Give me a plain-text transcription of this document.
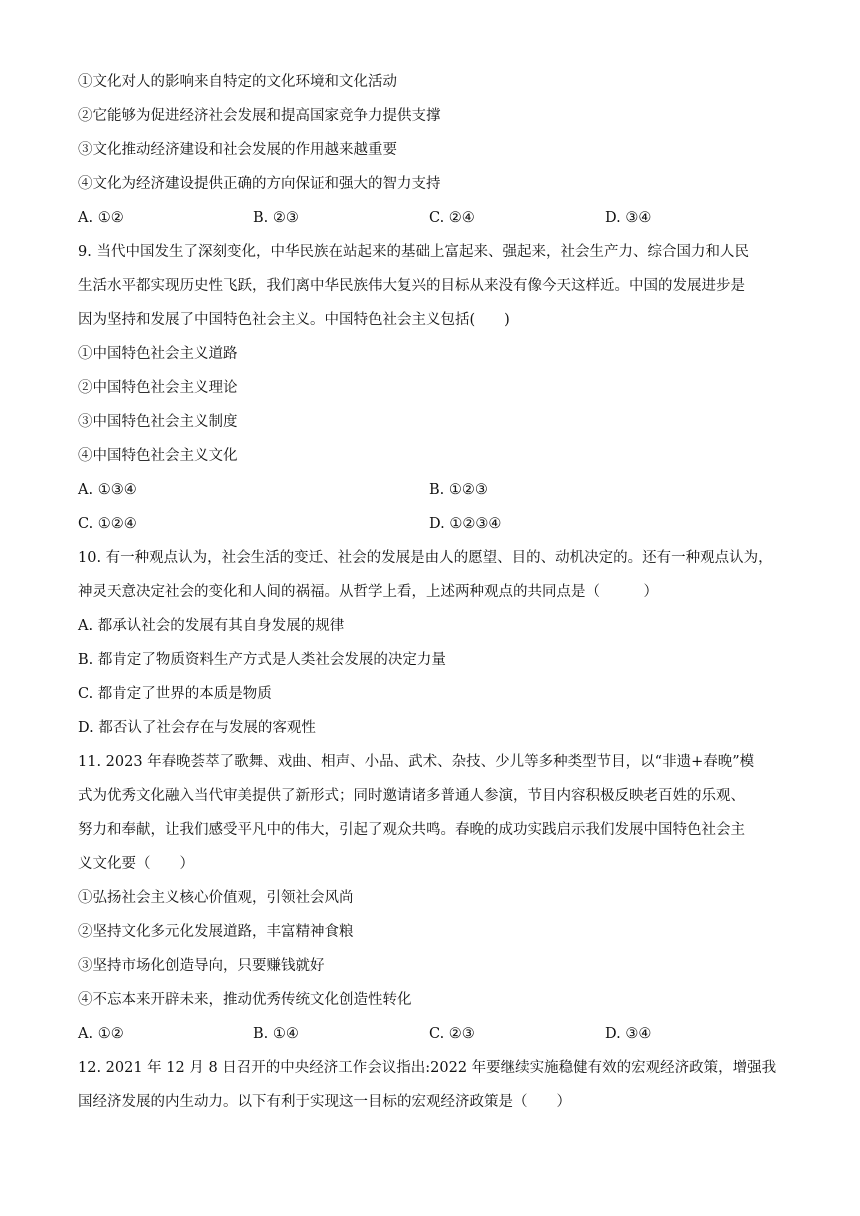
①文化对人的影响来自特定的文化环境和文化活动
②它能够为促进经济社会发展和提高国家竞争力提供支撑
③文化推动经济建设和社会发展的作用越来越重要
④文化为经济建设提供正确的方向保证和强大的智力支持
A. ①②	B. ②③	C. ②④	D. ③④
9. 当代中国发生了深刻变化，中华民族在站起来的基础上富起来、强起来，社会生产力、综合国力和人民
生活水平都实现历史性飞跃，我们离中华民族伟大复兴的目标从来没有像今天这样近。中国的发展进步是
因为坚持和发展了中国特色社会主义。中国特色社会主义包括(　　)
①中国特色社会主义道路
②中国特色社会主义理论
③中国特色社会主义制度
④中国特色社会主义文化
A. ①③④	B. ①②③
C. ①②④	D. ①②③④
10. 有一种观点认为，社会生活的变迁、社会的发展是由人的愿望、目的、动机决定的。还有一种观点认为，
神灵天意决定社会的变化和人间的祸福。从哲学上看，上述两种观点的共同点是（　　　）
A. 都承认社会的发展有其自身发展的规律
B. 都肯定了物质资料生产方式是人类社会发展的决定力量
C. 都肯定了世界的本质是物质
D. 都否认了社会存在与发展的客观性
11. 2023 年春晚荟萃了歌舞、戏曲、相声、小品、武术、杂技、少儿等多种类型节目，以“非遗+春晚”模
式为优秀文化融入当代审美提供了新形式；同时邀请诸多普通人参演，节目内容积极反映老百姓的乐观、
努力和奉献，让我们感受平凡中的伟大，引起了观众共鸣。春晚的成功实践启示我们发展中国特色社会主
义文化要（　　）
①弘扬社会主义核心价值观，引领社会风尚
②坚持文化多元化发展道路，丰富精神食粮
③坚持市场化创造导向，只要赚钱就好
④不忘本来开辟未来，推动优秀传统文化创造性转化
A. ①②	B. ①④	C. ②③	D. ③④
12. 2021 年 12 月 8 日召开的中央经济工作会议指出:2022 年要继续实施稳健有效的宏观经济政策，增强我
国经济发展的内生动力。以下有利于实现这一目标的宏观经济政策是（　　）
